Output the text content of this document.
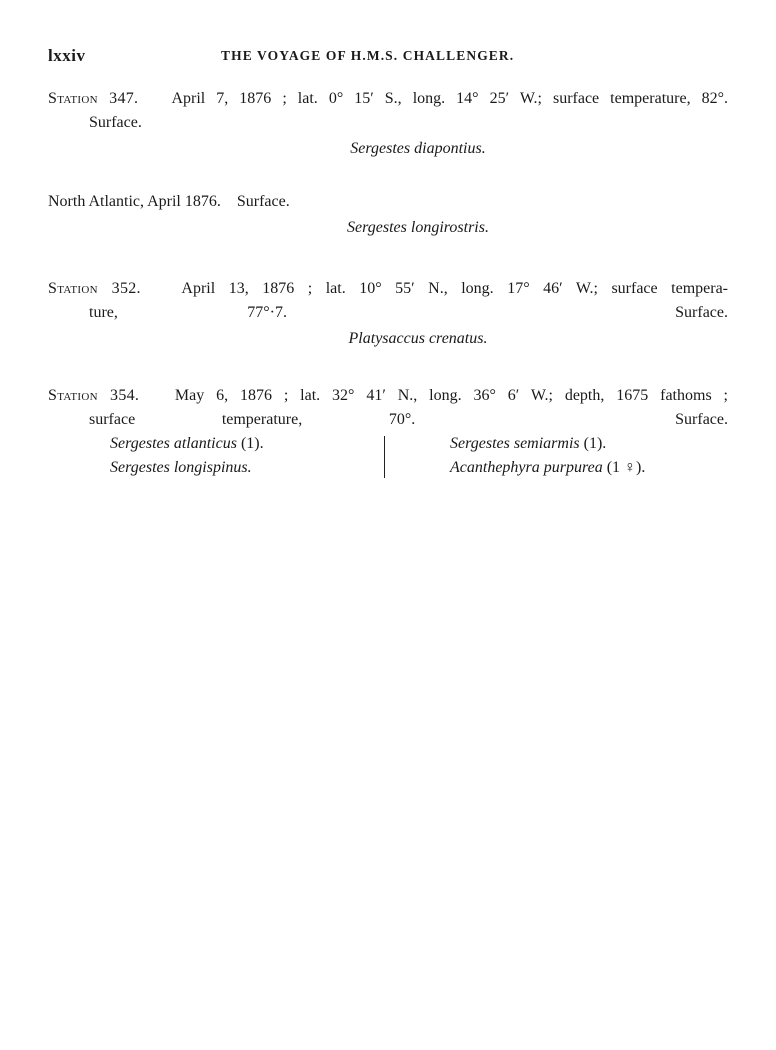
lxxiv	THE VOYAGE OF H.M.S. CHALLENGER.
Station 347. April 7, 1876 ; lat. 0° 15′ S., long. 14° 25′ W.; surface temperature, 82°.
Surface.
Sergestes diapontius.
North Atlantic, April 1876.    Surface.
Sergestes longirostris.
Station 352.	April 13, 1876 ; lat. 10° 55′ N., long. 17° 46′ W.; surface tempera-
ture, 77°·7.   Surface.
Platysaccus crenatus.
Station 354. May 6, 1876 ; lat. 32° 41′ N., long. 36° 6′ W.; depth, 1675 fathoms ;
surface temperature, 70°.   Surface.
Sergestes atlanticus (1).
Sergestes longispinus.
Sergestes semiarmis (1).
Acanthephyra purpurea (1 ♀).
